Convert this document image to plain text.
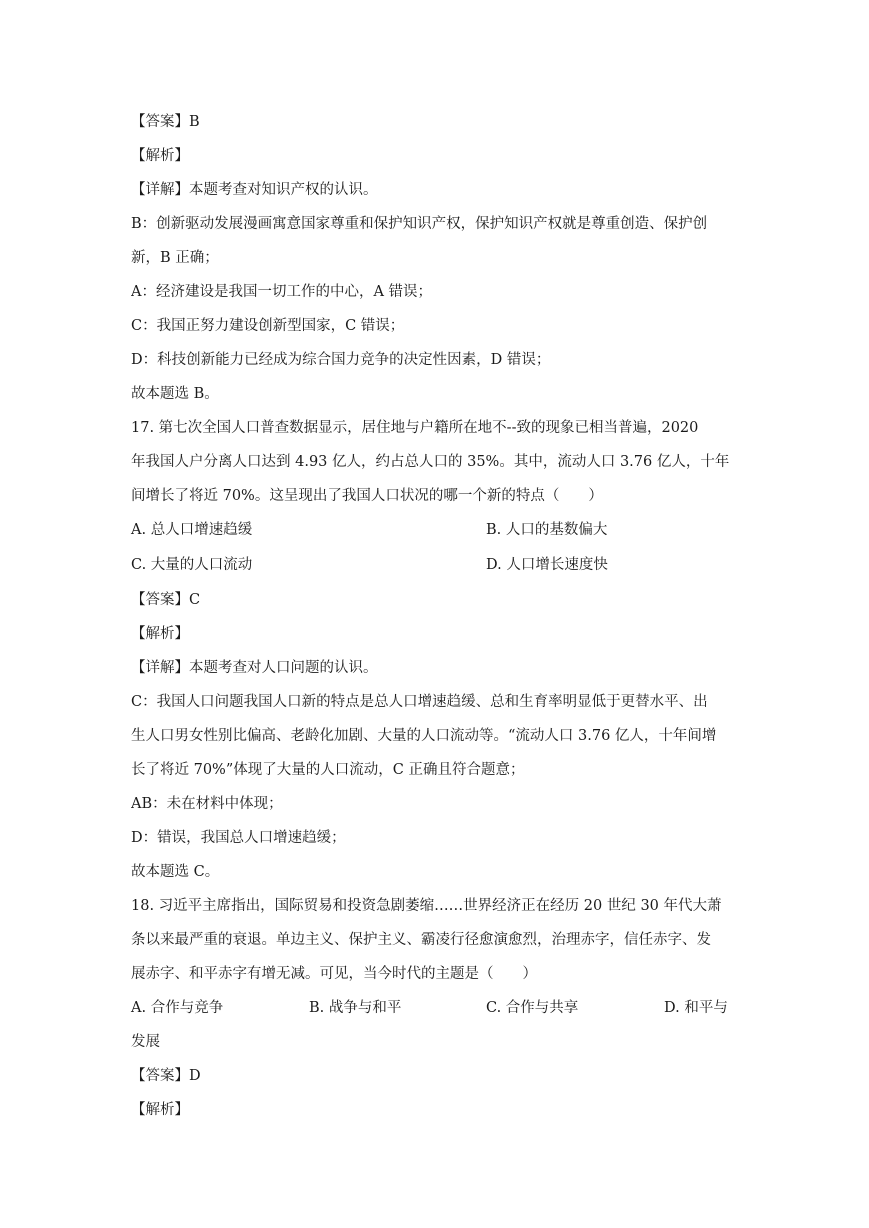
【答案】B
【解析】
【详解】本题考查对知识产权的认识。
B：创新驱动发展漫画寓意国家尊重和保护知识产权，保护知识产权就是尊重创造、保护创
新，B 正确；
A：经济建设是我国一切工作的中心，A 错误；
C：我国正努力建设创新型国家，C 错误；
D：科技创新能力已经成为综合国力竞争的决定性因素，D 错误；
故本题选 B。
17. 第七次全国人口普查数据显示，居住地与户籍所在地不--致的现象已相当普遍，2020
年我国人户分离人口达到 4.93 亿人，约占总人口的 35%。其中，流动人口 3.76 亿人，十年
间增长了将近 70%。这呈现出了我国人口状况的哪一个新的特点（　　）
A. 总人口增速趋缓	B. 人口的基数偏大
C. 大量的人口流动	D. 人口增长速度快
【答案】C
【解析】
【详解】本题考查对人口问题的认识。
C：我国人口问题我国人口新的特点是总人口增速趋缓、总和生育率明显低于更替水平、出
生人口男女性别比偏高、老龄化加剧、大量的人口流动等。“流动人口 3.76 亿人，十年间增
长了将近 70%”体现了大量的人口流动，C 正确且符合题意；
AB：未在材料中体现；
D：错误，我国总人口增速趋缓；
故本题选 C。
18. 习近平主席指出，国际贸易和投资急剧萎缩……世界经济正在经历 20 世纪 30 年代大萧
条以来最严重的衰退。单边主义、保护主义、霸凌行径愈演愈烈，治理赤字，信任赤字、发
展赤字、和平赤字有增无减。可见，当今时代的主题是（　　）
A. 合作与竞争	B. 战争与和平	C. 合作与共享	D. 和平与
发展
【答案】D
【解析】
